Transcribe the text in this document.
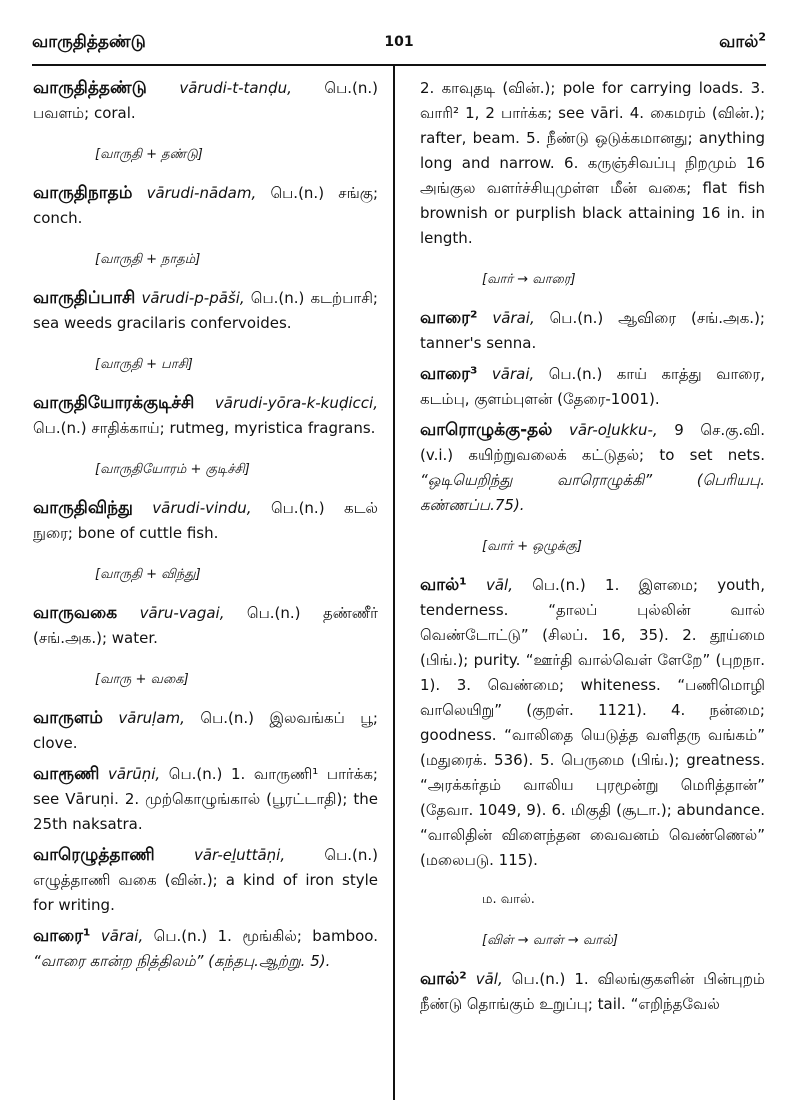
வாருதித்தண்டு	101	வால்$^2$

வாருதித்தண்டு vārudi-t-tanḍu, பெ.(n.) பவளம்; coral.

[வாருதி + தண்டு]

வாருதிநாதம் vārudi-nādam, பெ.(n.) சங்கு; conch.

[வாருதி + நாதம்]

வாருதிப்பாசி vārudi-p-pāši, பெ.(n.) கடற்பாசி; sea weeds gracilaris confervoides.

[வாருதி + பாசி]

வாருதியோரக்குடிச்சி vārudi-yōra-k-kuḍicci, பெ.(n.) சாதிக்காய்; rutmeg, myristica fragrans.

[வாருதியோரம் + குடிச்சி]

வாருதிவிந்து vārudi-vindu, பெ.(n.) கடல் நுரை; bone of cuttle fish.

[வாருதி + விந்து]

வாருவகை vāru-vagai, பெ.(n.) தண்ணீர் (சங்.அக.); water.

[வாரு + வகை]

வாருளம் vāruḷam, பெ.(n.) இலவங்கப் பூ; clove.

வாரூணி vārūṇi, பெ.(n.) 1. வாருணி¹ பார்க்க; see Vāruṇi. 2. முற்கொழுங்கால் (பூரட்டாதி); the 25th naksatra.

வாரெழுத்தாணி	vār-eḻuttāṇi,	பெ.(n.) எழுத்தாணி வகை (வின்.); a kind of iron style for writing.

வாரை¹ vārai, பெ.(n.) 1. மூங்கில்; bamboo. “வாரை கான்ற நித்திலம்” (கந்தபு.ஆற்று. 5).

2. காவுதடி (வின்.); pole for carrying loads. 3. வாரி² 1, 2 பார்க்க; see vāri. 4. கைமரம் (வின்.); rafter, beam. 5. நீண்டு ஒடுக்கமானது; anything long and narrow. 6. கருஞ்சிவப்பு நிறமும் 16 அங்குல வளர்ச்சியுமுள்ள மீன் வகை; flat fish brownish or purplish black attaining 16 in. in length.

[வார் → வாரை]

வாரை² vārai, பெ.(n.) ஆவிரை (சங்.அக.); tanner's senna.

வாரை³ vārai, பெ.(n.) காய் காத்து வாரை, கடம்பு, குளம்புளன் (தேரை-1001).

வாரொழுக்கு-தல் vār-oḻukku-, 9 செ.கு.வி. (v.i.) கயிற்றுவலைக் கட்டுதல்; to set nets. “ஒடியெறிந்து வாரொழுக்கி” (பெரியபு. கண்ணப்ப.75).

[வார் + ஒழுக்கு]

வால்¹ vāl, பெ.(n.) 1. இளமை; youth, tenderness. “தாலப் புல்லின் வால் வெண்டோட்டு” (சிலப். 16, 35). 2. தூய்மை (பிங்.); purity. “ஊர்தி வால்வெள் ளேறே” (புறநா. 1). 3. வெண்மை; whiteness. “பணிமொழி வாலெயிறு” (குறள். 1121). 4. நன்மை; goodness. “வாலிதை யெடுத்த வளிதரு வங்கம்” (மதுரைக். 536). 5. பெருமை (பிங்.); greatness. “அரக்கர்தம் வாலிய புரமூன்று மெரித்தான்” (தேவா. 1049, 9). 6. மிகுதி (சூடா.); abundance. “வாலிதின் விளைந்தன வைவனம் வெண்ணெல்” (மலைபடு. 115).

ம. வால்.
[விள் → வாள் → வால்]

வால்² vāl, பெ.(n.) 1. விலங்குகளின் பின்புறம் நீண்டு தொங்கும் உறுப்பு; tail. “எறிந்தவேல்
